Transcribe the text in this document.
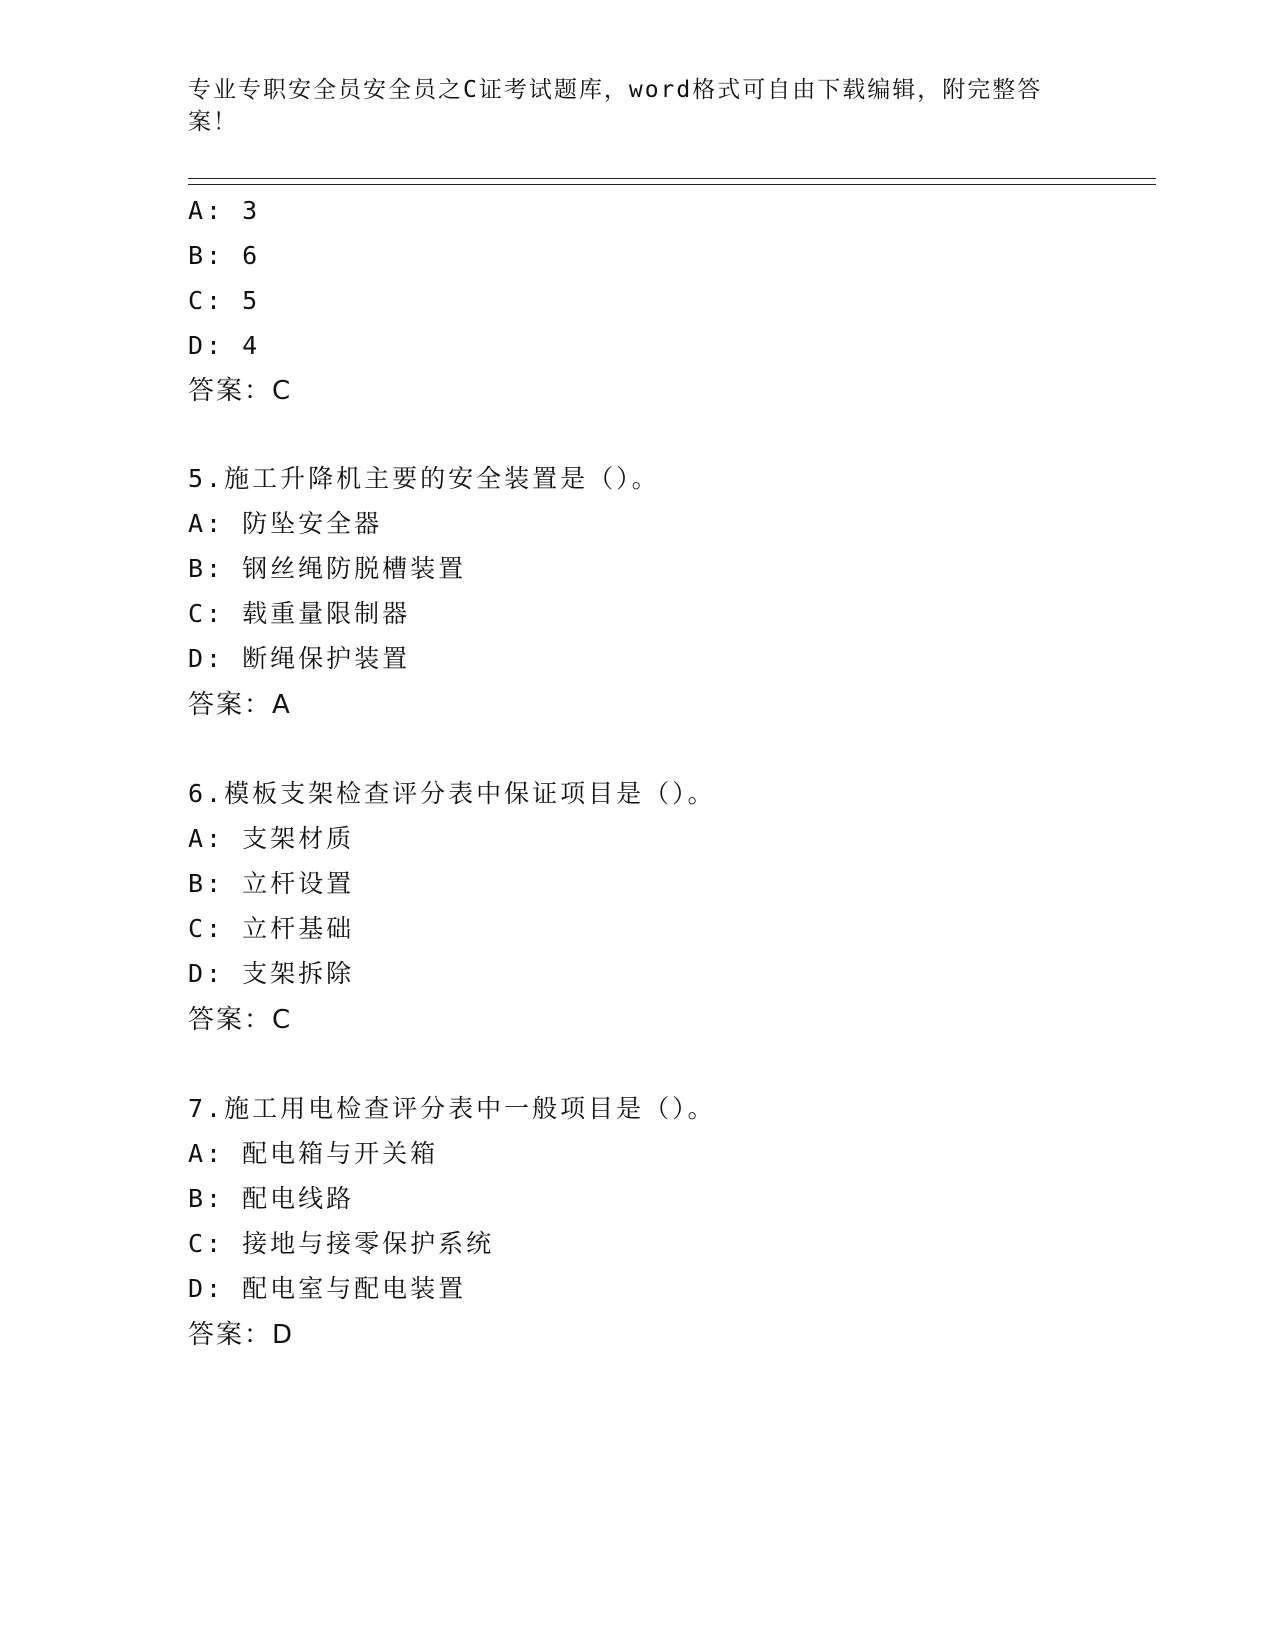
专业专职安全员安全员之C证考试题库，word格式可自由下载编辑，附完整答案！
A: 3
B: 6
C: 5
D: 4
答案：C
5.施工升降机主要的安全装置是（）。
A: 防坠安全器
B: 钢丝绳防脱槽装置
C: 载重量限制器
D: 断绳保护装置
答案：A
6.模板支架检查评分表中保证项目是（）。
A: 支架材质
B: 立杆设置
C: 立杆基础
D: 支架拆除
答案：C
7.施工用电检查评分表中一般项目是（）。
A: 配电箱与开关箱
B: 配电线路
C: 接地与接零保护系统
D: 配电室与配电装置
答案：D
